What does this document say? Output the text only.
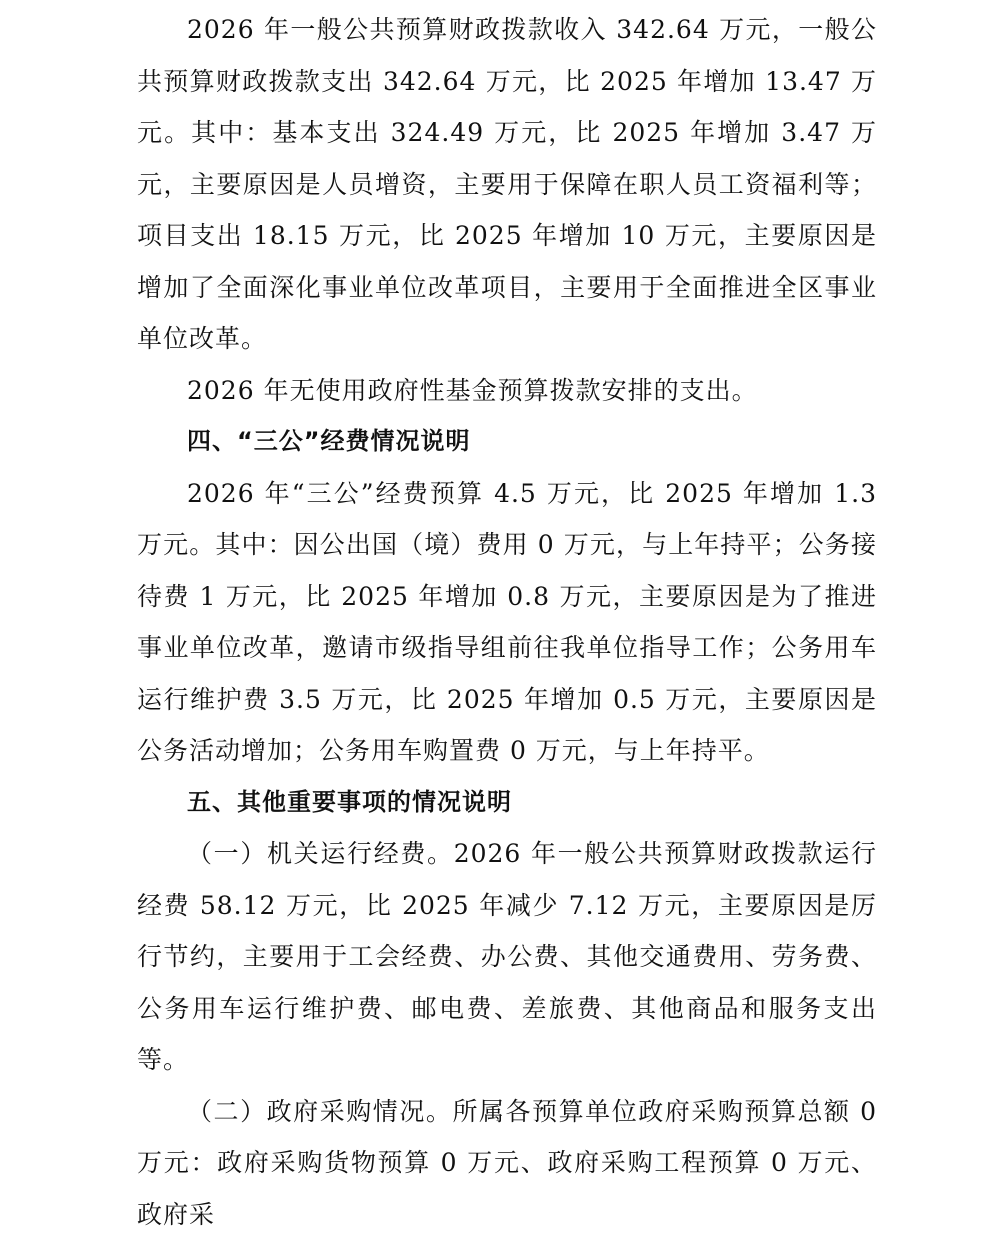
2026 年一般公共预算财政拨款收入 342.64 万元，一般公共预算财政拨款支出 342.64 万元，比 2025 年增加 13.47 万元。其中：基本支出 324.49 万元，比 2025 年增加 3.47 万元，主要原因是人员增资，主要用于保障在职人员工资福利等；项目支出 18.15 万元，比 2025 年增加 10 万元，主要原因是增加了全面深化事业单位改革项目，主要用于全面推进全区事业单位改革。

2026 年无使用政府性基金预算拨款安排的支出。

四、“三公”经费情况说明

2026 年“三公”经费预算 4.5 万元，比 2025 年增加 1.3 万元。其中：因公出国（境）费用 0 万元，与上年持平；公务接待费 1 万元，比 2025 年增加 0.8 万元，主要原因是为了推进事业单位改革，邀请市级指导组前往我单位指导工作；公务用车运行维护费 3.5 万元，比 2025 年增加 0.5 万元，主要原因是公务活动增加；公务用车购置费 0 万元，与上年持平。

五、其他重要事项的情况说明

（一）机关运行经费。2026 年一般公共预算财政拨款运行经费 58.12 万元，比 2025 年减少 7.12 万元，主要原因是厉行节约，主要用于工会经费、办公费、其他交通费用、劳务费、公务用车运行维护费、邮电费、差旅费、其他商品和服务支出等。

（二）政府采购情况。所属各预算单位政府采购预算总额 0 万元：政府采购货物预算 0 万元、政府采购工程预算 0 万元、政府采
